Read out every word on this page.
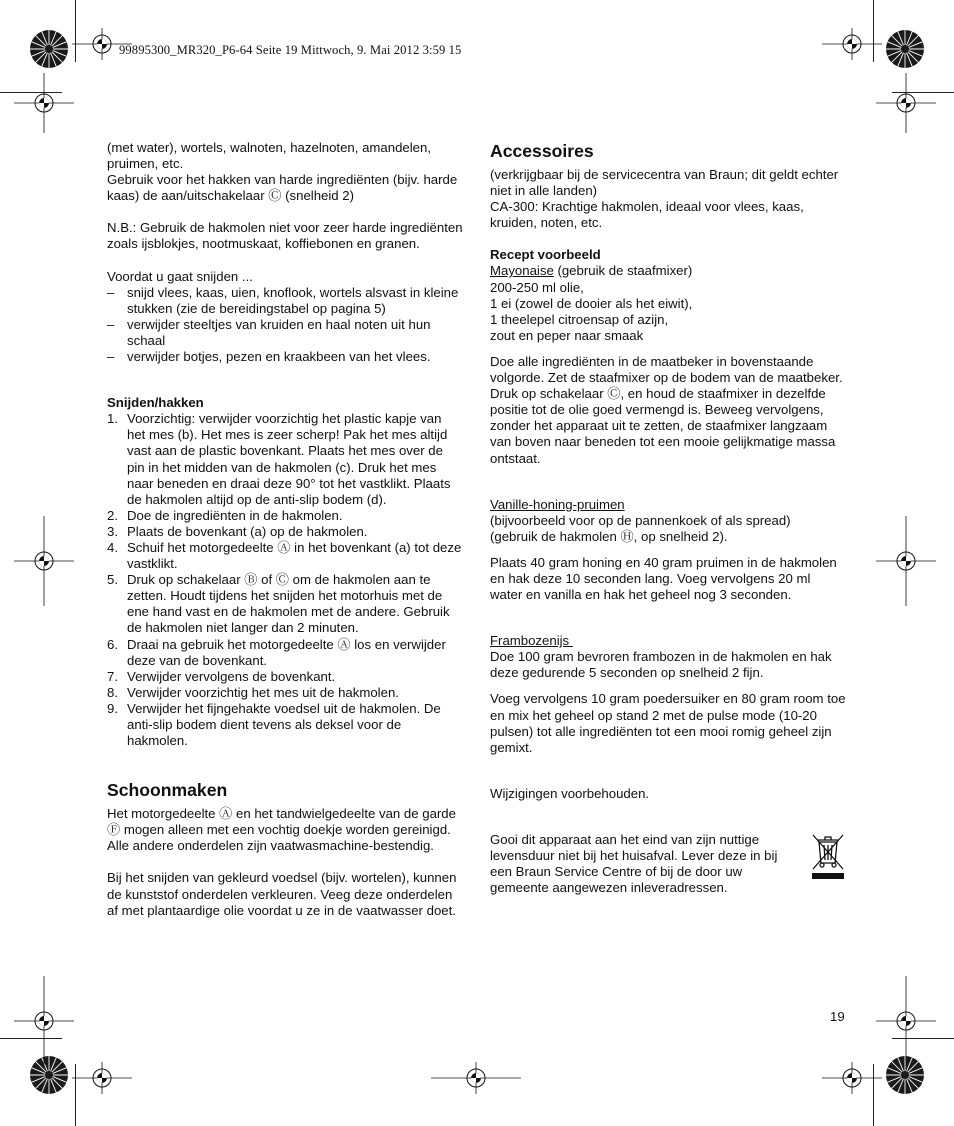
99895300_MR320_P6-64 Seite 19 Mittwoch, 9. Mai 2012 3:59 15

(met water), wortels, walnoten, hazelnoten, amandelen, pruimen, etc.

Gebruik voor het hakken van harde ingrediënten (bijv. harde kaas) de aan/uitschakelaar Ⓒ (snelheid 2)

N.B.: Gebruik de hakmolen niet voor zeer harde ingrediënten zoals ijsblokjes, nootmuskaat, koffiebonen en granen.

Voordat u gaat snijden ...

– snijd vlees, kaas, uien, knoflook, wortels alsvast in kleine stukken (zie de bereidingstabel op pagina 5)
– verwijder steeltjes van kruiden en haal noten uit hun schaal
– verwijder botjes, pezen en kraakbeen van het vlees.
Snijden/hakken
1. Voorzichtig: verwijder voorzichtig het plastic kapje van het mes (b). Het mes is zeer scherp! Pak het mes altijd vast aan de plastic bovenkant. Plaats het mes over de pin in het midden van de hakmolen (c). Druk het mes naar beneden en draai deze 90° tot het vastklikt. Plaats de hakmolen altijd op de anti-slip bodem (d).
2. Doe de ingrediënten in de hakmolen.
3. Plaats de bovenkant (a) op de hakmolen.
4. Schuif het motorgedeelte Ⓐ in het bovenkant (a) tot deze vastklikt.
5. Druk op schakelaar Ⓑ of Ⓒ om de hakmolen aan te zetten. Houdt tijdens het snijden het motorhuis met de ene hand vast en de hakmolen met de andere. Gebruik de hakmolen niet langer dan 2 minuten.
6. Draai na gebruik het motorgedeelte Ⓐ los en verwijder deze van de bovenkant.
7. Verwijder vervolgens de bovenkant.
8. Verwijder voorzichtig het mes uit de hakmolen.
9. Verwijder het fijngehakte voedsel uit de hakmolen. De anti-slip bodem dient tevens als deksel voor de hakmolen.
Schoonmaken

Het motorgedeelte Ⓐ en het tandwielgedeelte van de garde Ⓕ mogen alleen met een vochtig doekje worden gereinigd.

Alle andere onderdelen zijn vaatwasmachine-bestendig.

Bij het snijden van gekleurd voedsel (bijv. wortelen), kunnen de kunststof onderdelen verkleuren. Veeg deze onderdelen af met plantaardige olie voordat u ze in de vaatwasser doet.

Accessoires

(verkrijgbaar bij de servicecentra van Braun; dit geldt echter niet in alle landen)

CA-300: Krachtige hakmolen, ideaal voor vlees, kaas, kruiden, noten, etc.

Recept voorbeeld

Mayonaise (gebruik de staafmixer)

200-250 ml olie,

1 ei (zowel de dooier als het eiwit),

1 theelepel citroensap of azijn,

zout en peper naar smaak

Doe alle ingrediënten in de maatbeker in bovenstaande volgorde. Zet de staafmixer op de bodem van de maatbeker. Druk op schakelaar Ⓒ, en houd de staafmixer in dezelfde positie tot de olie goed vermengd is. Beweeg vervolgens, zonder het apparaat uit te zetten, de staafmixer langzaam van boven naar beneden tot een mooie gelijkmatige massa ontstaat.

Vanille-honing-pruimen

(bijvoorbeeld voor op de pannenkoek of als spread)

(gebruik de hakmolen Ⓗ, op snelheid 2).

Plaats 40 gram honing en 40 gram pruimen in de hakmolen en hak deze 10 seconden lang. Voeg vervolgens 20 ml water en vanilla en hak het geheel nog 3 seconden.

Frambozenijs

Doe 100 gram bevroren frambozen in de hakmolen en hak deze gedurende 5 seconden op snelheid 2 fijn.

Voeg vervolgens 10 gram poedersuiker en 80 gram room toe en mix het geheel op stand 2 met de pulse mode (10-20 pulsen) tot alle ingrediënten tot een mooi romig geheel zijn gemixt.

Wijzigingen voorbehouden.

Gooi dit apparaat aan het eind van zijn nuttige levensduur niet bij het huisafval. Lever deze in bij een Braun Service Centre of bij de door uw gemeente aangewezen inleveradressen.

19
